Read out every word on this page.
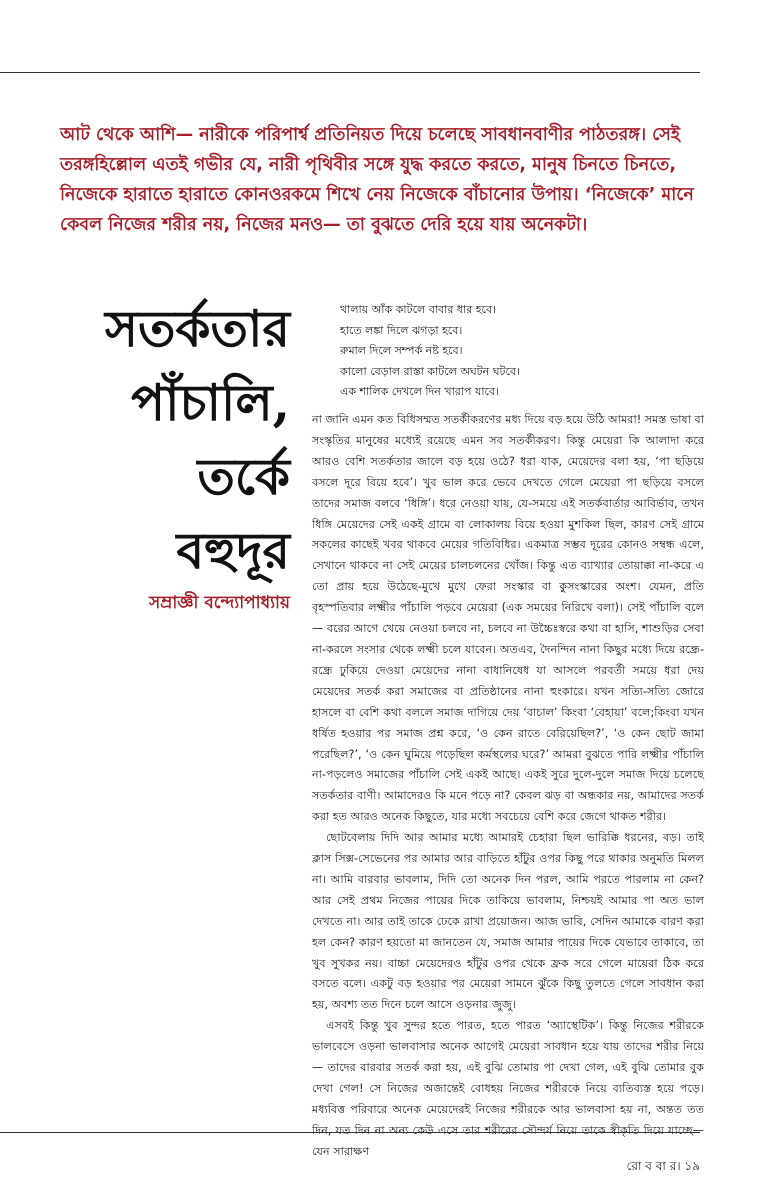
আট থেকে আশি— নারীকে পরিপার্শ্ব প্রতিনিয়ত দিয়ে চলেছে সাবধানবাণীর পাঠতরঙ্গ। সেই তরঙ্গহিল্লোল এতই গভীর যে, নারী পৃথিবীর সঙ্গে যুদ্ধ করতে করতে, মানুষ চিনতে চিনতে, নিজেকে হারাতে হারাতে কোনওরকমে শিখে নেয় নিজেকে বাঁচানোর উপায়। ‘নিজেকে’ মানে কেবল নিজের শরীর নয়, নিজের মনও— তা বুঝতে দেরি হয়ে যায় অনেকটা।
সতর্কতার
পাঁচালি,
তর্কে
বহুদূর
সম্রাজ্ঞী বন্দ্যোপাধ্যায়
থালায় আঁক কাটলে বাবার ধার হবে।
হাতে লঙ্কা দিলে ঝগড়া হবে।
রুমাল দিলে সম্পর্ক নষ্ট হবে।
কালো বেড়াল রাস্তা কাটলে অঘটন ঘটবে।
এক শালিক দেখলে দিন খারাপ যাবে।

না জানি এমন কত বিধিসম্মত সতর্কীকরণের মধ্য দিয়ে বড় হয়ে উঠি আমরা! সমস্ত ভাষা বা সংস্কৃতির মানুষের মধ্যেই রয়েছে এমন সব সতর্কীকরণ। কিন্তু মেয়েরা কি আলাদা করে আরও বেশি সতর্কতার জালে বড় হয়ে ওঠে? ধরা যাক, মেয়েদের বলা হয়, ‘পা ছড়িয়ে বসলে দূরে বিয়ে হবে’। খুব ভাল করে ভেবে দেখতে গেলে মেয়েরা পা ছড়িয়ে বসলে তাদের সমাজ বলবে ‘ধিঙ্গি’। ধরে নেওয়া যায়, যে-সময়ে এই সতর্কবার্তার আবির্ভাব, তখন ধিঙ্গি মেয়েদের সেই একই গ্রামে বা লোকালয় বিয়ে হওয়া মুশকিল ছিল, কারণ সেই গ্রামে সকলের কাছেই খবর থাকবে মেয়ের গতিবিধির। একমাত্র সম্ভব দূরের কোনও সম্বন্ধ এলে, সেখানে থাকবে না সেই মেয়ের চালচলনের খোঁজ। কিন্তু এত ব্যাখ্যার তোয়াক্কা না-করে এ তো প্রায় হয়ে উঠেছে-মুখে মুখে ফেরা সংস্কার বা কুসংস্কারের অংশ। যেমন, প্রতি বৃহস্পতিবার লক্ষ্মীর পাঁচালি পড়বে মেয়েরা (এক সময়ের নিরিখে বলা)। সেই পাঁচালি বলে— বরের আগে খেয়ে নেওয়া চলবে না, চলবে না উচ্চৈঃস্বরে কথা বা হাসি, শাশুড়ির সেবা না-করলে সংসার থেকে লক্ষ্মী চলে যাবেন। অতএব, দৈনন্দিন নানা কিছুর মধ্যে দিয়ে রন্ধ্রে-রন্ধ্রে ঢুকিয়ে দেওয়া মেয়েদের নানা বাধানিষেধ যা আসলে পরবর্তী সময়ে ধরা দেয় মেয়েদের সতর্ক করা সমাজের বা প্রতিষ্ঠানের নানা হুংকারে। যখন সত্যি-সত্যি জোরে হাসলে বা বেশি কথা বললে সমাজ দাগিয়ে দেয় ‘বাচাল’ কিংবা ‘বেহায়া’ বলে;কিংবা যখন ধর্ষিত হওয়ার পর সমাজ প্রশ্ন করে, ‘ও কেন রাতে বেরিয়েছিল?’, ‘ও কেন ছোট জামা পরেছিল?’, ‘ও কেন ঘুমিয়ে পড়েছিল কর্মস্থলের ঘরে?’ আমরা বুঝতে পারি লক্ষ্মীর পাঁচালি না-পড়লেও সমাজের পাঁচালি সেই একই আছে। একই সুরে দুলে-দুলে সমাজ দিয়ে চলেছে সতর্কতার বাণী। আমাদেরও কি মনে পড়ে না? কেবল ঝড় বা অন্ধকার নয়, আমাদের সতর্ক করা হত আরও অনেক কিছুতে, যার মধ্যে সবচেয়ে বেশি করে জেগে থাকত শরীর।

ছোটবেলায় দিদি আর আমার মধ্যে আমারই চেহারা ছিল ভারিক্কি ধরনের, বড়। তাই ক্লাস সিক্স-সেভেনের পর আমার আর বাড়িতে হাঁটুর ওপর কিছু পরে থাকার অনুমতি মিলল না। আমি বারবার ভাবলাম, দিদি তো অনেক দিন পরল, আমি পরতে পারলাম না কেন? আর সেই প্রথম নিজের পায়ের দিকে তাকিয়ে ভাবলাম, নিশ্চয়ই আমার পা অত ভাল দেখতে না। আর তাই তাকে ঢেকে রাখা প্রয়োজন। আজ ভাবি, সেদিন আমাকে বারণ করা হল কেন? কারণ হয়তো মা জানতেন যে, সমাজ আমার পায়ের দিকে যেভাবে তাকাবে, তা খুব সুখকর নয়। বাচ্চা মেয়েদেরও হাঁটুর ওপর থেকে ফ্রক সরে গেলে মায়েরা ঠিক করে বসতে বলে। একটু বড় হওয়ার পর মেয়েরা সামনে ঝুঁকে কিছু তুলতে গেলে সাবধান করা হয়, অবশ্য তত দিনে চলে আসে ওড়নার জুজু।

এসবই কিন্তু খুব সুন্দর হতে পারত, হতে পারত ‘অ্যাস্থেটিক’। কিন্তু নিজের শরীরকে ভালবেসে ওড়না ভালবাসার অনেক আগেই মেয়েরা সাবধান হয়ে যায় তাদের শরীর নিয়ে— তাদের বারবার সতর্ক করা হয়, এই বুঝি তোমার পা দেখা গেল, এই বুঝি তোমার বুক দেখা গেল! সে নিজের অজান্তেই বোধহয় নিজের শরীরকে নিয়ে ব্যতিব্যস্ত হয়ে পড়ে। মধ্যবিত্ত পরিবারে অনেক মেয়েদেরই নিজের শরীরকে আর ভালবাসা হয় না, অন্তত তত দিন, যত দিন না অন্য কেউ এসে তার শরীরের সৌন্দর্য নিয়ে তাকে স্বীকৃতি দিয়ে যাচ্ছে— যেন সারাক্ষণ

রো ব বা র। ১৯
